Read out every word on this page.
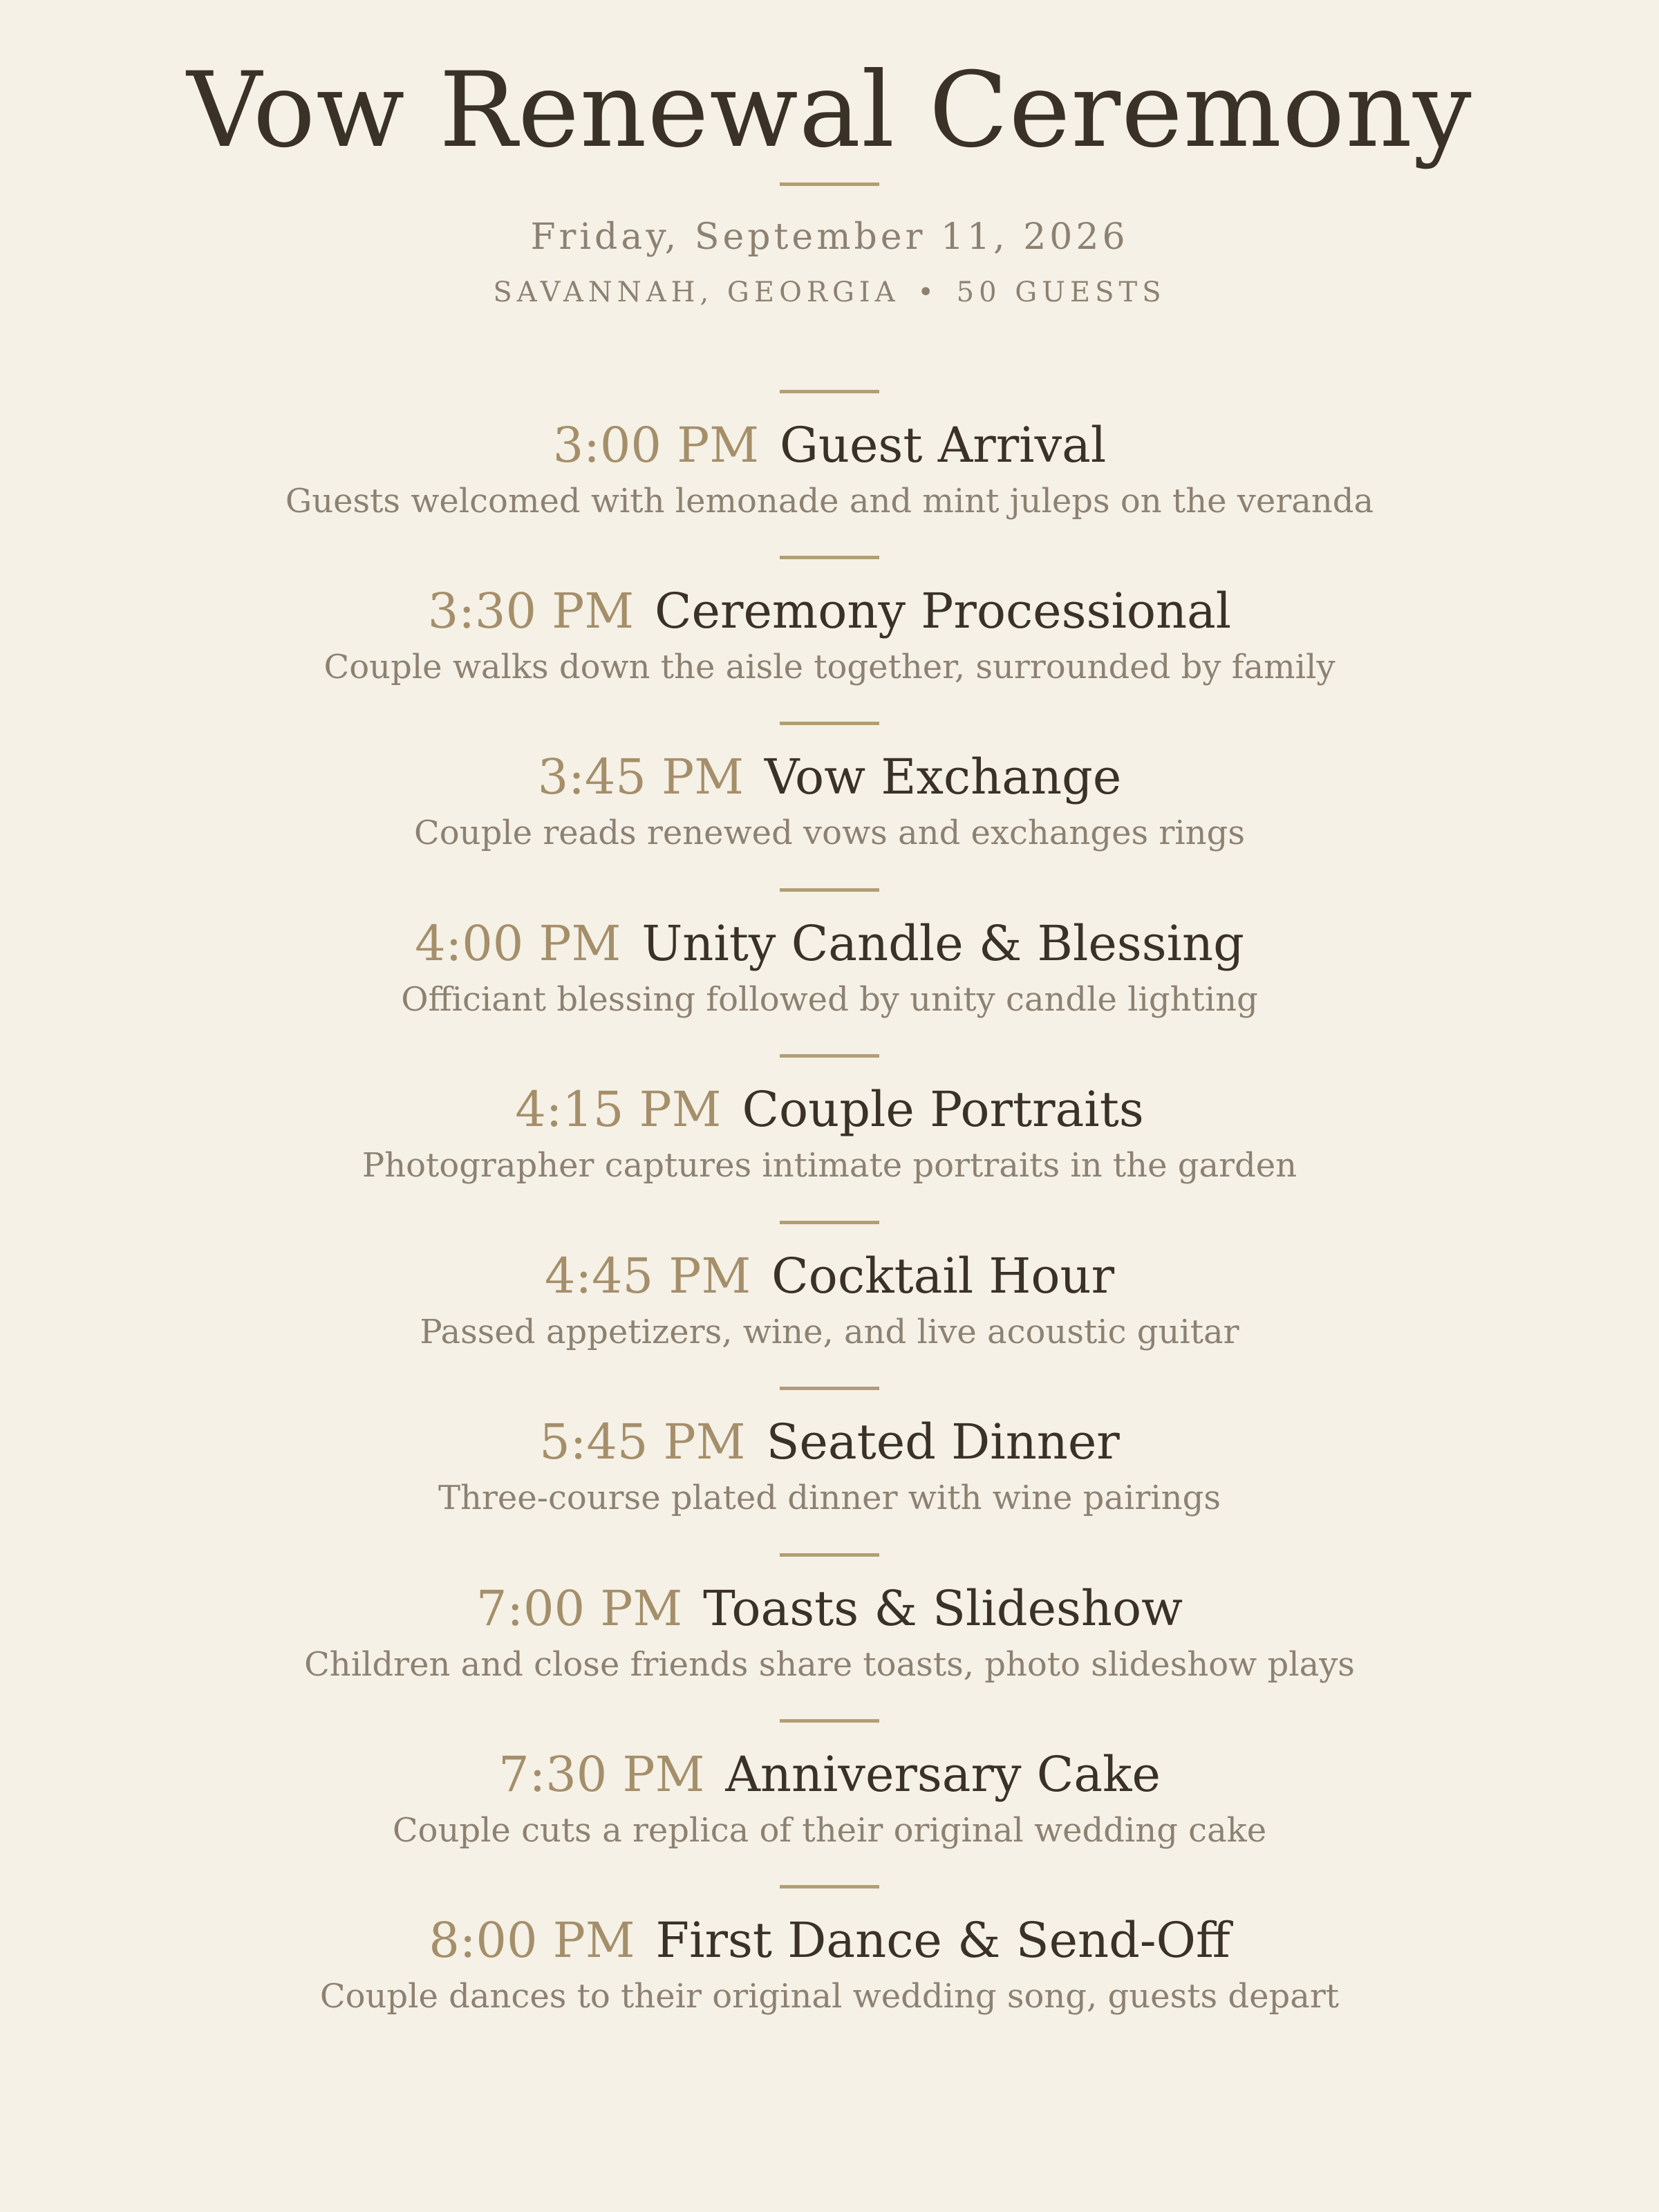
Vow Renewal Ceremony
Friday, September 11, 2026
SAVANNAH, GEORGIA • 50 GUESTS
3:00 PM Guest Arrival
Guests welcomed with lemonade and mint juleps on the veranda
3:30 PM Ceremony Processional
Couple walks down the aisle together, surrounded by family
3:45 PM Vow Exchange
Couple reads renewed vows and exchanges rings
4:00 PM Unity Candle & Blessing
Officiant blessing followed by unity candle lighting
4:15 PM Couple Portraits
Photographer captures intimate portraits in the garden
4:45 PM Cocktail Hour
Passed appetizers, wine, and live acoustic guitar
5:45 PM Seated Dinner
Three-course plated dinner with wine pairings
7:00 PM Toasts & Slideshow
Children and close friends share toasts, photo slideshow plays
7:30 PM Anniversary Cake
Couple cuts a replica of their original wedding cake
8:00 PM First Dance & Send-Off
Couple dances to their original wedding song, guests depart
